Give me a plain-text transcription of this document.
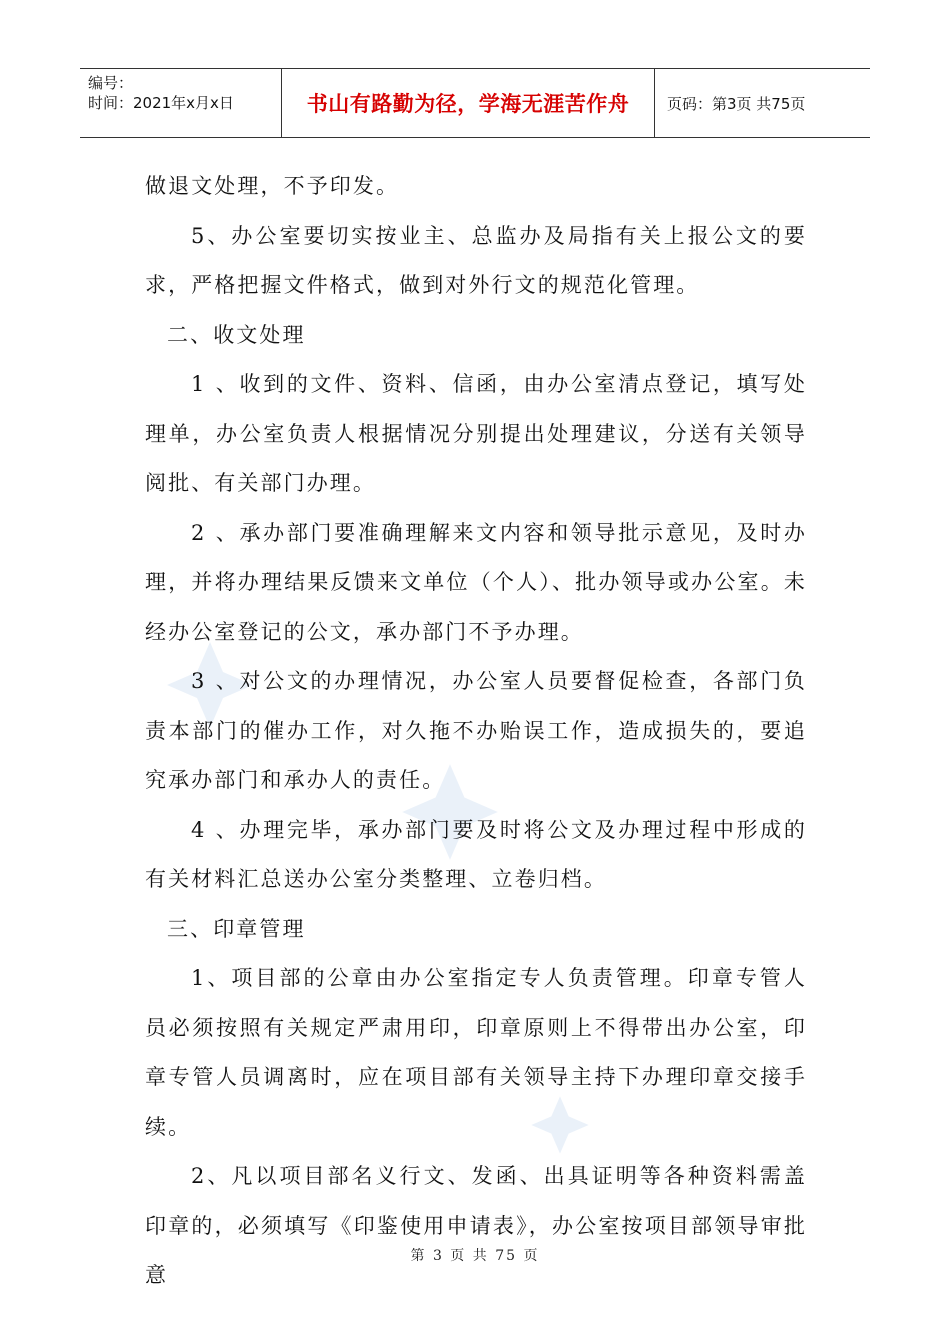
编号：
时间：2021年x月x日	书山有路勤为径，学海无涯苦作舟	页码：第3页 共75页

做退文处理，不予印发。

5、办公室要切实按业主、总监办及局指有关上报公文的要求，严格把握文件格式，做到对外行文的规范化管理。

二、收文处理

1 、收到的文件、资料、信函，由办公室清点登记，填写处理单，办公室负责人根据情况分别提出处理建议，分送有关领导阅批、有关部门办理。

2 、承办部门要准确理解来文内容和领导批示意见，及时办理，并将办理结果反馈来文单位（个人）、批办领导或办公室。未经办公室登记的公文，承办部门不予办理。

3 、对公文的办理情况，办公室人员要督促检查，各部门负责本部门的催办工作，对久拖不办贻误工作，造成损失的，要追究承办部门和承办人的责任。

4 、办理完毕，承办部门要及时将公文及办理过程中形成的有关材料汇总送办公室分类整理、立卷归档。

三、印章管理

1、项目部的公章由办公室指定专人负责管理。印章专管人员必须按照有关规定严肃用印，印章原则上不得带出办公室，印章专管人员调离时，应在项目部有关领导主持下办理印章交接手续。

2、凡以项目部名义行文、发函、出具证明等各种资料需盖印章的，必须填写《印鉴使用申请表》，办公室按项目部领导审批意

第 3 页 共 75 页
